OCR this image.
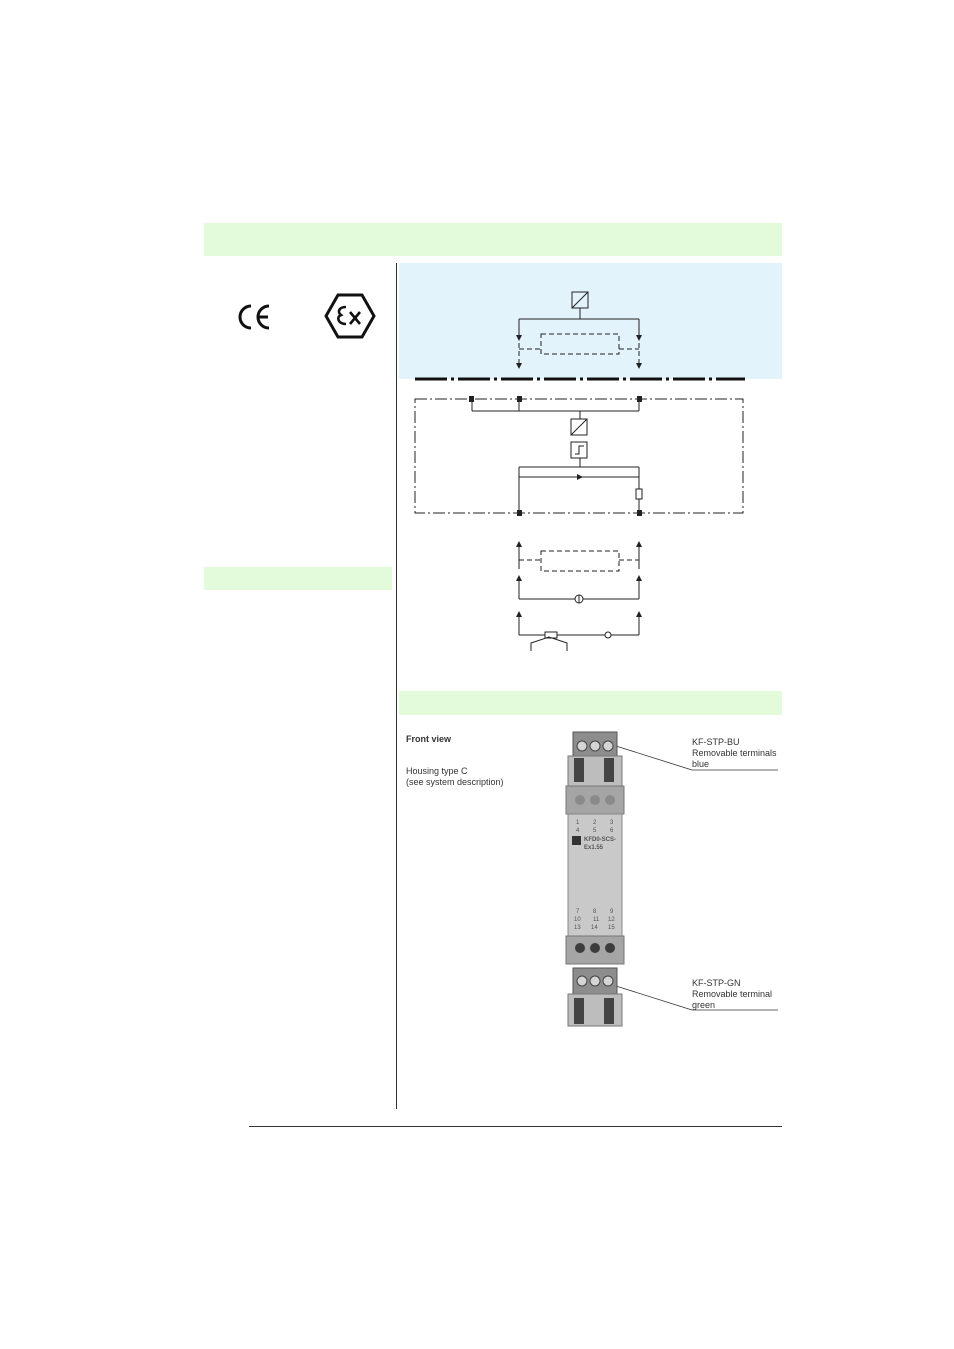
Front view
Housing type C
(see system description)
KF-STP-BU
Removable terminals
blue
KF-STP-GN
Removable terminal
green
1 2 3
4 5 6
KFD0-SCS-
Ex1.55
7 8 9
10 11 12
13 14 15
